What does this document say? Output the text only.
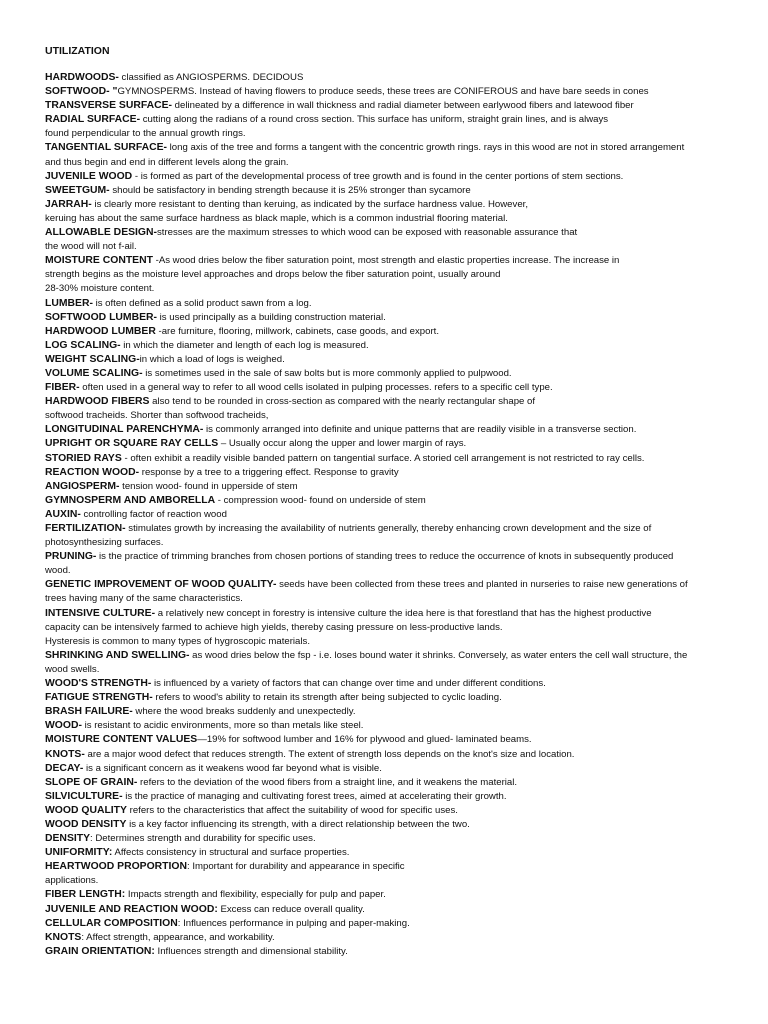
UTILIZATION
HARDWOODS- classified as ANGIOSPERMS. DECIDOUS
SOFTWOOD- "GYMNOSPERMS. Instead of having flowers to produce seeds, these trees are CONIFEROUS and have bare seeds in cones
TRANSVERSE SURFACE- delineated by a difference in wall thickness and radial diameter between earlywood fibers and latewood fiber
RADIAL SURFACE- cutting along the radians of a round cross section. This surface has uniform, straight grain lines, and is always
found perpendicular to the annual growth rings.
TANGENTIAL SURFACE- long axis of the tree and forms a tangent with the concentric growth rings. rays in this wood are not in stored arrangement
and thus begin and end in different levels along the grain.
JUVENILE WOOD - is formed as part of the developmental process of tree growth and is found in the center portions of stem sections.
SWEETGUM- should be satisfactory in bending strength because it is 25% stronger than sycamore
JARRAH- is clearly more resistant to denting than keruing, as indicated by the surface hardness value. However,
keruing has about the same surface hardness as black maple, which is a common industrial flooring material.
ALLOWABLE DESIGN-stresses are the maximum stresses to which wood can be exposed with reasonable assurance that
the wood will not f-ail.
MOISTURE CONTENT -As wood dries below the fiber saturation point, most strength and elastic properties increase. The increase in
strength begins as the moisture level approaches and drops below the fiber saturation point, usually around
28-30% moisture content.
LUMBER- is often defined as a solid product sawn from a log.
SOFTWOOD LUMBER- is used principally as a building construction material.
HARDWOOD LUMBER -are furniture, flooring, millwork, cabinets, case goods, and export.
LOG SCALING- in which the diameter and length of each log is measured.
WEIGHT SCALING-in which a load of logs is weighed.
VOLUME SCALING- is sometimes used in the sale of saw bolts but is more commonly applied to pulpwood.
FIBER- often used in a general way to refer to all wood cells isolated in pulping processes. refers to a specific cell type.
HARDWOOD FIBERS also tend to be rounded in cross-section as compared with the nearly rectangular shape of
softwood tracheids. Shorter than softwood tracheids,
LONGITUDINAL PARENCHYMA- is commonly arranged into definite and unique patterns that are readily visible in a transverse section.
UPRIGHT OR SQUARE RAY CELLS – Usually occur along the upper and lower margin of rays.
STORIED RAYS - often exhibit a readily visible banded pattern on tangential surface. A storied cell arrangement is not restricted to ray cells.
REACTION WOOD- response by a tree to a triggering effect. Response to gravity
ANGIOSPERM- tension wood- found in upperside of stem
GYMNOSPERM AND AMBORELLA - compression wood- found on underside of stem
AUXIN- controlling factor of reaction wood
FERTILIZATION- stimulates growth by increasing the availability of nutrients generally, thereby enhancing crown development and the size of
photosynthesizing surfaces.
PRUNING- is the practice of trimming branches from chosen portions of standing trees to reduce the occurrence of knots in subsequently produced
wood.
GENETIC IMPROVEMENT OF WOOD QUALITY- seeds have been collected from these trees and planted in nurseries to raise new generations of
trees having many of the same characteristics.
INTENSIVE CULTURE- a relatively new concept in forestry is intensive culture the idea here is that forestland that has the highest productive
capacity can be intensively farmed to achieve high yields, thereby casing pressure on less-productive lands.
Hysteresis is common to many types of hygroscopic materials.
SHRINKING AND SWELLING- as wood dries below the fsp - i.e. loses bound water it shrinks. Conversely, as water enters the cell wall structure, the
wood swells.
WOOD'S STRENGTH- is influenced by a variety of factors that can change over time and under different conditions.
FATIGUE STRENGTH- refers to wood's ability to retain its strength after being subjected to cyclic loading.
BRASH FAILURE- where the wood breaks suddenly and unexpectedly.
WOOD- is resistant to acidic environments, more so than metals like steel.
MOISTURE CONTENT VALUES—19% for softwood lumber and 16% for plywood and glued- laminated beams.
KNOTS- are a major wood defect that reduces strength. The extent of strength loss depends on the knot's size and location.
DECAY- is a significant concern as it weakens wood far beyond what is visible.
SLOPE OF GRAIN- refers to the deviation of the wood fibers from a straight line, and it weakens the material.
SILVICULTURE- is the practice of managing and cultivating forest trees, aimed at accelerating their growth.
WOOD QUALITY refers to the characteristics that affect the suitability of wood for specific uses.
WOOD DENSITY is a key factor influencing its strength, with a direct relationship between the two.
DENSITY: Determines strength and durability for specific uses.
UNIFORMITY: Affects consistency in structural and surface properties.
HEARTWOOD PROPORTION: Important for durability and appearance in specific
applications.
FIBER LENGTH: Impacts strength and flexibility, especially for pulp and paper.
JUVENILE AND REACTION WOOD: Excess can reduce overall quality.
CELLULAR COMPOSITION: Influences performance in pulping and paper-making.
KNOTS: Affect strength, appearance, and workability.
GRAIN ORIENTATION: Influences strength and dimensional stability.
